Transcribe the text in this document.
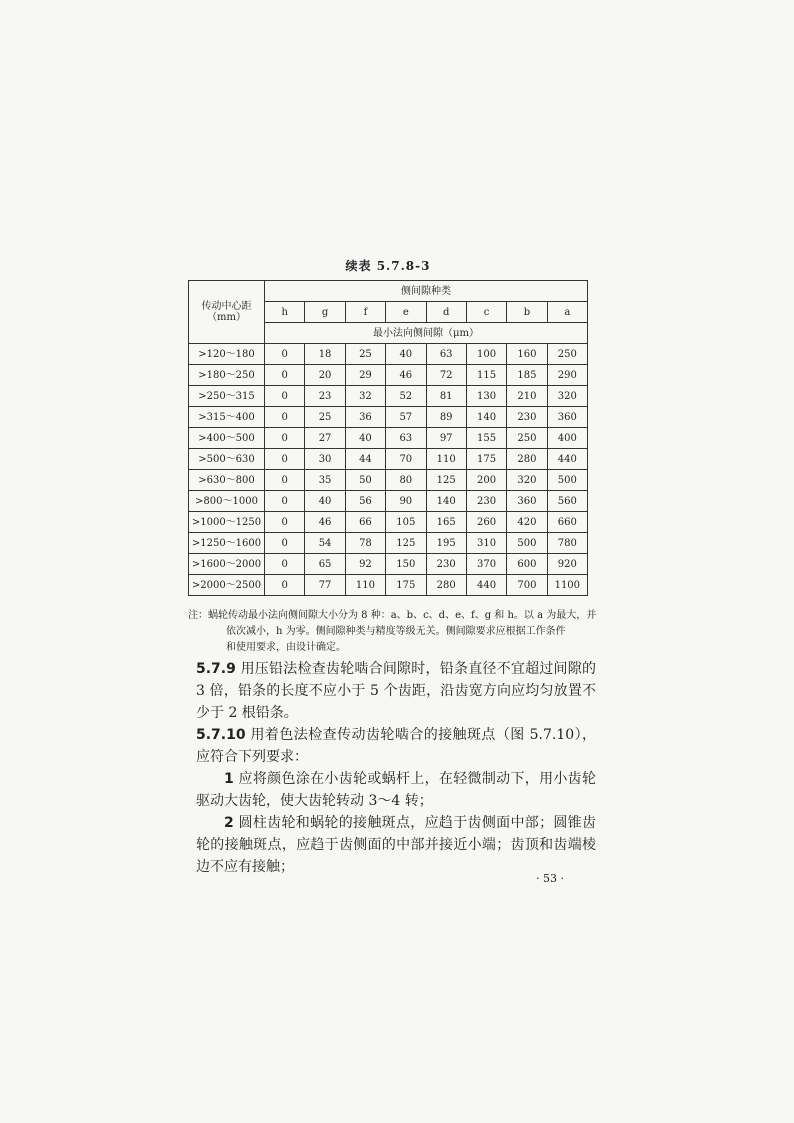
续表 5.7.8-3
传动中心距
（mm）	侧间隙种类							
	h	g	f	e	d	c	b	a
	最小法向侧间隙（μm）							
>120～180	0	18	25	40	63	100	160	250
>180～250	0	20	29	46	72	115	185	290
>250～315	0	23	32	52	81	130	210	320
>315～400	0	25	36	57	89	140	230	360
>400～500	0	27	40	63	97	155	250	400
>500～630	0	30	44	70	110	175	280	440
>630～800	0	35	50	80	125	200	320	500
>800～1000	0	40	56	90	140	230	360	560
>1000～1250	0	46	66	105	165	260	420	660
>1250～1600	0	54	78	125	195	310	500	780
>1600～2000	0	65	92	150	230	370	600	920
>2000～2500	0	77	110	175	280	440	700	1100
注：蜗轮传动最小法向侧间隙大小分为 8 种：a、b、c、d、e、f、g 和 h。以 a 为最大，并
依次减小，h 为零。侧间隙种类与精度等级无关。侧间隙要求应根据工作条件
和使用要求，由设计确定。

5.7.9 用压铅法检查齿轮啮合间隙时，铅条直径不宜超过间隙的 3 倍，铅条的长度不应小于 5 个齿距，沿齿宽方向应均匀放置不少于 2 根铅条。

5.7.10 用着色法检查传动齿轮啮合的接触斑点（图 5.7.10），应符合下列要求：

1 应将颜色涂在小齿轮或蜗杆上，在轻微制动下，用小齿轮驱动大齿轮，使大齿轮转动 3～4 转；

2 圆柱齿轮和蜗轮的接触斑点，应趋于齿侧面中部；圆锥齿轮的接触斑点，应趋于齿侧面的中部并接近小端；齿顶和齿端棱边不应有接触；

· 53 ·
